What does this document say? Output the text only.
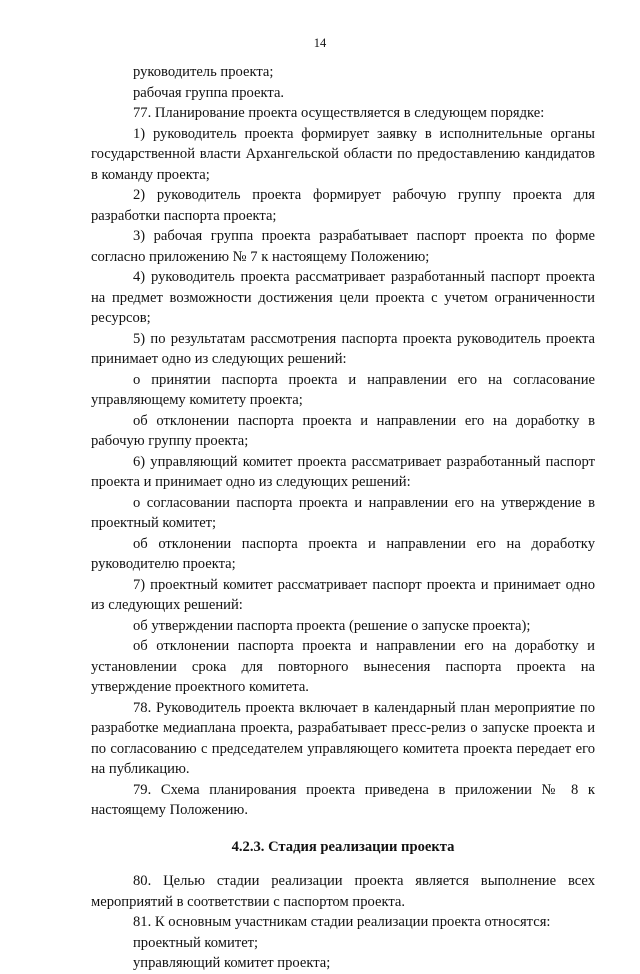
14

руководитель проекта;

рабочая группа проекта.

77. Планирование проекта осуществляется в следующем порядке:

1) руководитель проекта формирует заявку в исполнительные органы государственной власти Архангельской области по предоставлению кандидатов в команду проекта;

2) руководитель проекта формирует рабочую группу проекта для разработки паспорта проекта;

3) рабочая группа проекта разрабатывает паспорт проекта по форме согласно приложению № 7 к настоящему Положению;

4) руководитель проекта рассматривает разработанный паспорт проекта на предмет возможности достижения цели проекта с учетом ограниченности ресурсов;

5) по результатам рассмотрения паспорта проекта руководитель проекта принимает одно из следующих решений:

о принятии паспорта проекта и направлении его на согласование управляющему комитету проекта;

об отклонении паспорта проекта и направлении его на доработку в рабочую группу проекта;

6) управляющий комитет проекта рассматривает разработанный паспорт проекта и принимает одно из следующих решений:

о согласовании паспорта проекта и направлении его на утверждение в проектный комитет;

об отклонении паспорта проекта и направлении его на доработку руководителю проекта;

7) проектный комитет рассматривает паспорт проекта и принимает одно из следующих решений:

об утверждении паспорта проекта (решение о запуске проекта);

об отклонении паспорта проекта и направлении его на доработку и установлении срока для повторного вынесения паспорта проекта на утверждение проектного комитета.

78. Руководитель проекта включает в календарный план мероприятие по разработке медиаплана проекта, разрабатывает пресс-релиз о запуске проекта и по согласованию с председателем управляющего комитета проекта передает его на публикацию.

79. Схема планирования проекта приведена в приложении № 8 к настоящему Положению.

4.2.3. Стадия реализации проекта

80. Целью стадии реализации проекта является выполнение всех мероприятий в соответствии с паспортом проекта.

81. К основным участникам стадии реализации проекта относятся:

проектный комитет;

управляющий комитет проекта;
